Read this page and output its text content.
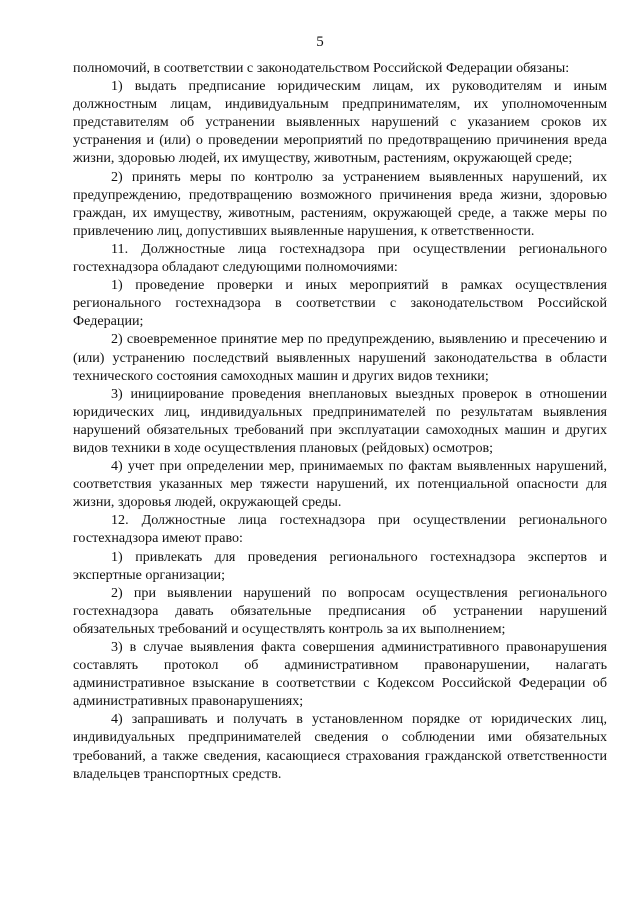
5

полномочий, в соответствии с законодательством Российской Федерации обязаны:

1) выдать предписание юридическим лицам, их руководителям и иным должностным лицам, индивидуальным предпринимателям, их уполномоченным представителям об устранении выявленных нарушений с указанием сроков их устранения и (или) о проведении мероприятий по предотвращению причинения вреда жизни, здоровью людей, их имуществу, животным, растениям, окружающей среде;

2) принять меры по контролю за устранением выявленных нарушений, их предупреждению, предотвращению возможного причинения вреда жизни, здоровью граждан, их имуществу, животным, растениям, окружающей среде, а также меры по привлечению лиц, допустивших выявленные нарушения, к ответственности.

11. Должностные лица гостехнадзора при осуществлении регионального гостехнадзора обладают следующими полномочиями:

1) проведение проверки и иных мероприятий в рамках осуществления регионального гостехнадзора в соответствии с законодательством Российской Федерации;

2) своевременное принятие мер по предупреждению, выявлению и пресечению и (или) устранению последствий выявленных нарушений законодательства в области технического состояния самоходных машин и других видов техники;

3) инициирование проведения внеплановых выездных проверок в отношении юридических лиц, индивидуальных предпринимателей по результатам выявления нарушений обязательных требований при эксплуатации самоходных машин и других видов техники в ходе осуществления плановых (рейдовых) осмотров;

4) учет при определении мер, принимаемых по фактам выявленных нарушений, соответствия указанных мер тяжести нарушений, их потенциальной опасности для жизни, здоровья людей, окружающей среды.

12. Должностные лица гостехнадзора при осуществлении регионального гостехнадзора имеют право:

1) привлекать для проведения регионального гостехнадзора экспертов и экспертные организации;

2) при выявлении нарушений по вопросам осуществления регионального гостехнадзора давать обязательные предписания об устранении нарушений обязательных требований и осуществлять контроль за их выполнением;

3) в случае выявления факта совершения административного правонарушения составлять протокол об административном правонарушении, налагать административное взыскание в соответствии с Кодексом Российской Федерации об административных правонарушениях;

4) запрашивать и получать в установленном порядке от юридических лиц, индивидуальных предпринимателей сведения о соблюдении ими обязательных требований, а также сведения, касающиеся страхования гражданской ответственности владельцев транспортных средств.
